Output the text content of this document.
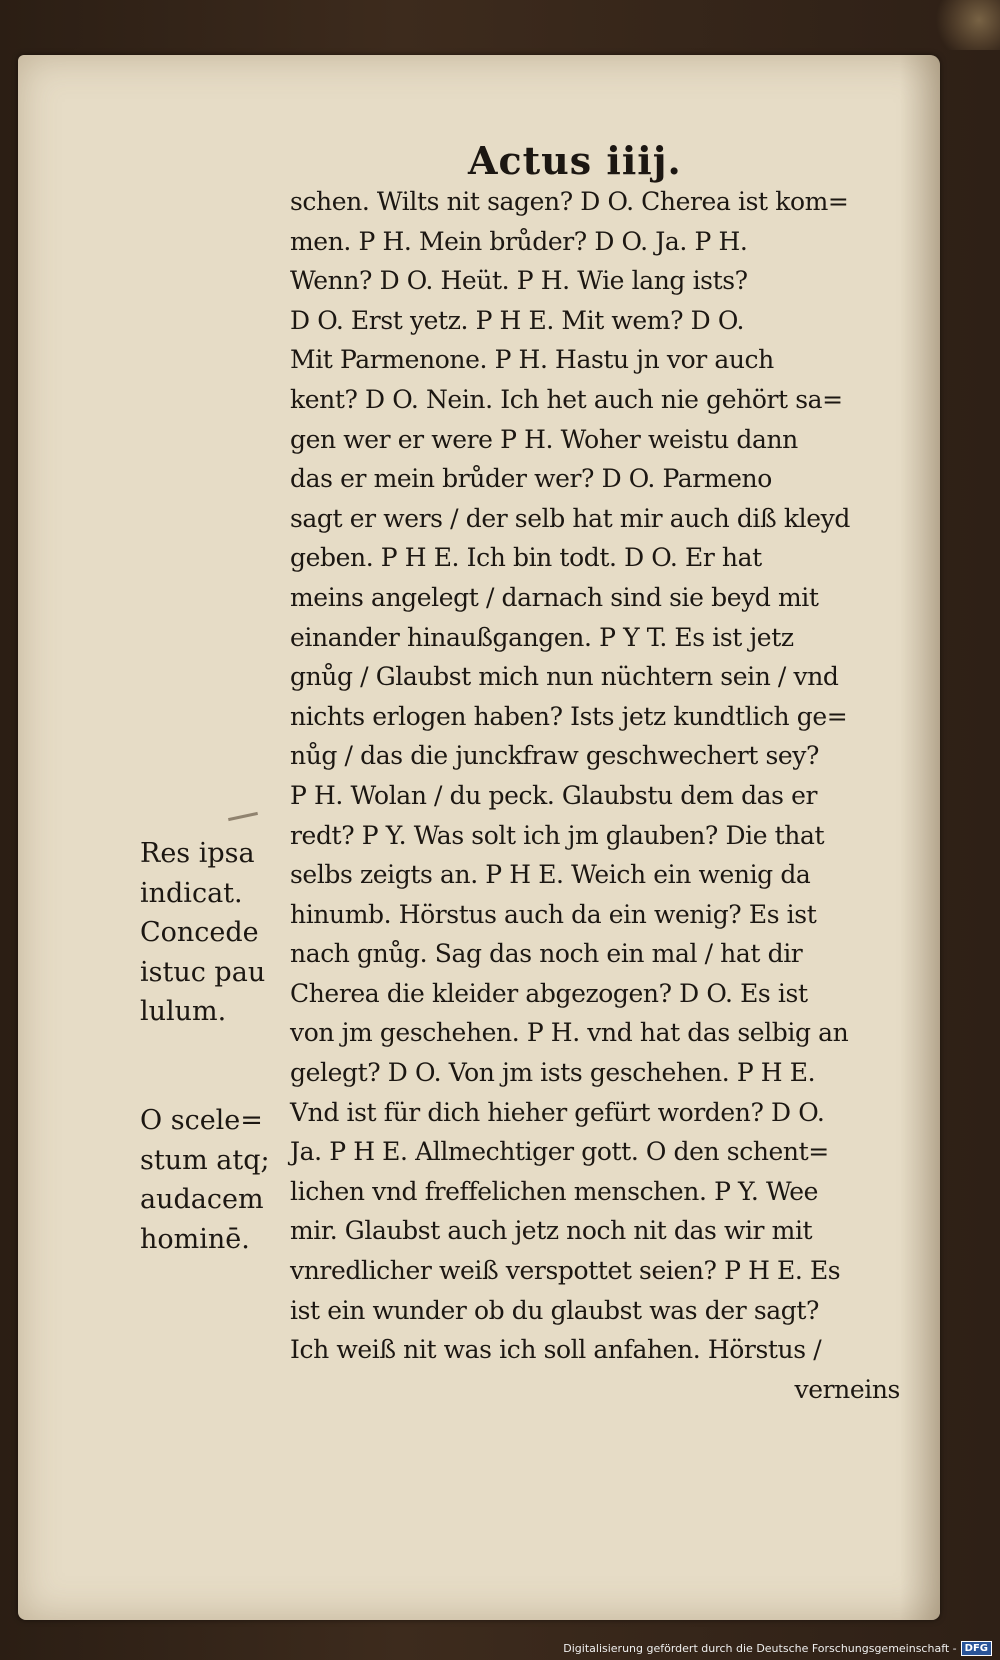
Actus iiij.
schen. Wilts nit sagen? D O. Cherea ist kom=
men. P H. Mein brůder? D O. Ja. P H.
Wenn? D O. Heüt. P H. Wie lang ists?
D O. Erst yetz. P H E. Mit wem? D O.
Mit Parmenone. P H. Hastu jn vor auch
kent? D O. Nein. Ich het auch nie gehört sa=
gen wer er were P H. Woher weistu dann
das er mein brůder wer? D O. Parmeno
sagt er wers / der selb hat mir auch diß kleyd
geben. P H E. Ich bin todt. D O. Er hat
meins angelegt / darnach sind sie beyd mit
einander hinaußgangen. P Y T. Es ist jetz
gnůg / Glaubst mich nun nüchtern sein / vnd
nichts erlogen haben? Ists jetz kundtlich ge=
nůg / das die junckfraw geschwechert sey?
P H. Wolan / du peck. Glaubstu dem das er
redt? P Y. Was solt ich jm glauben? Die that
selbs zeigts an. P H E. Weich ein wenig da
hinumb. Hörstus auch da ein wenig? Es ist
nach gnůg. Sag das noch ein mal / hat dir
Cherea die kleider abgezogen? D O. Es ist
von jm geschehen. P H. vnd hat das selbig an
gelegt? D O. Von jm ists geschehen. P H E.
Vnd ist für dich hieher gefürt worden? D O.
Ja. P H E. Allmechtiger gott. O den schent=
lichen vnd freffelichen menschen. P Y. Wee
mir. Glaubst auch jetz noch nit das wir mit
vnredlicher weiß verspottet seien? P H E. Es
ist ein wunder ob du glaubst was der sagt?
Ich weiß nit was ich soll anfahen. Hörstus /
verneins
Res ipsa
indicat.
Concede
istuc pau
lulum.
O scele=
stum atq;
audacem
hominē.
Digitalisierung gefördert durch die Deutsche Forschungsgemeinschaft - DFG
